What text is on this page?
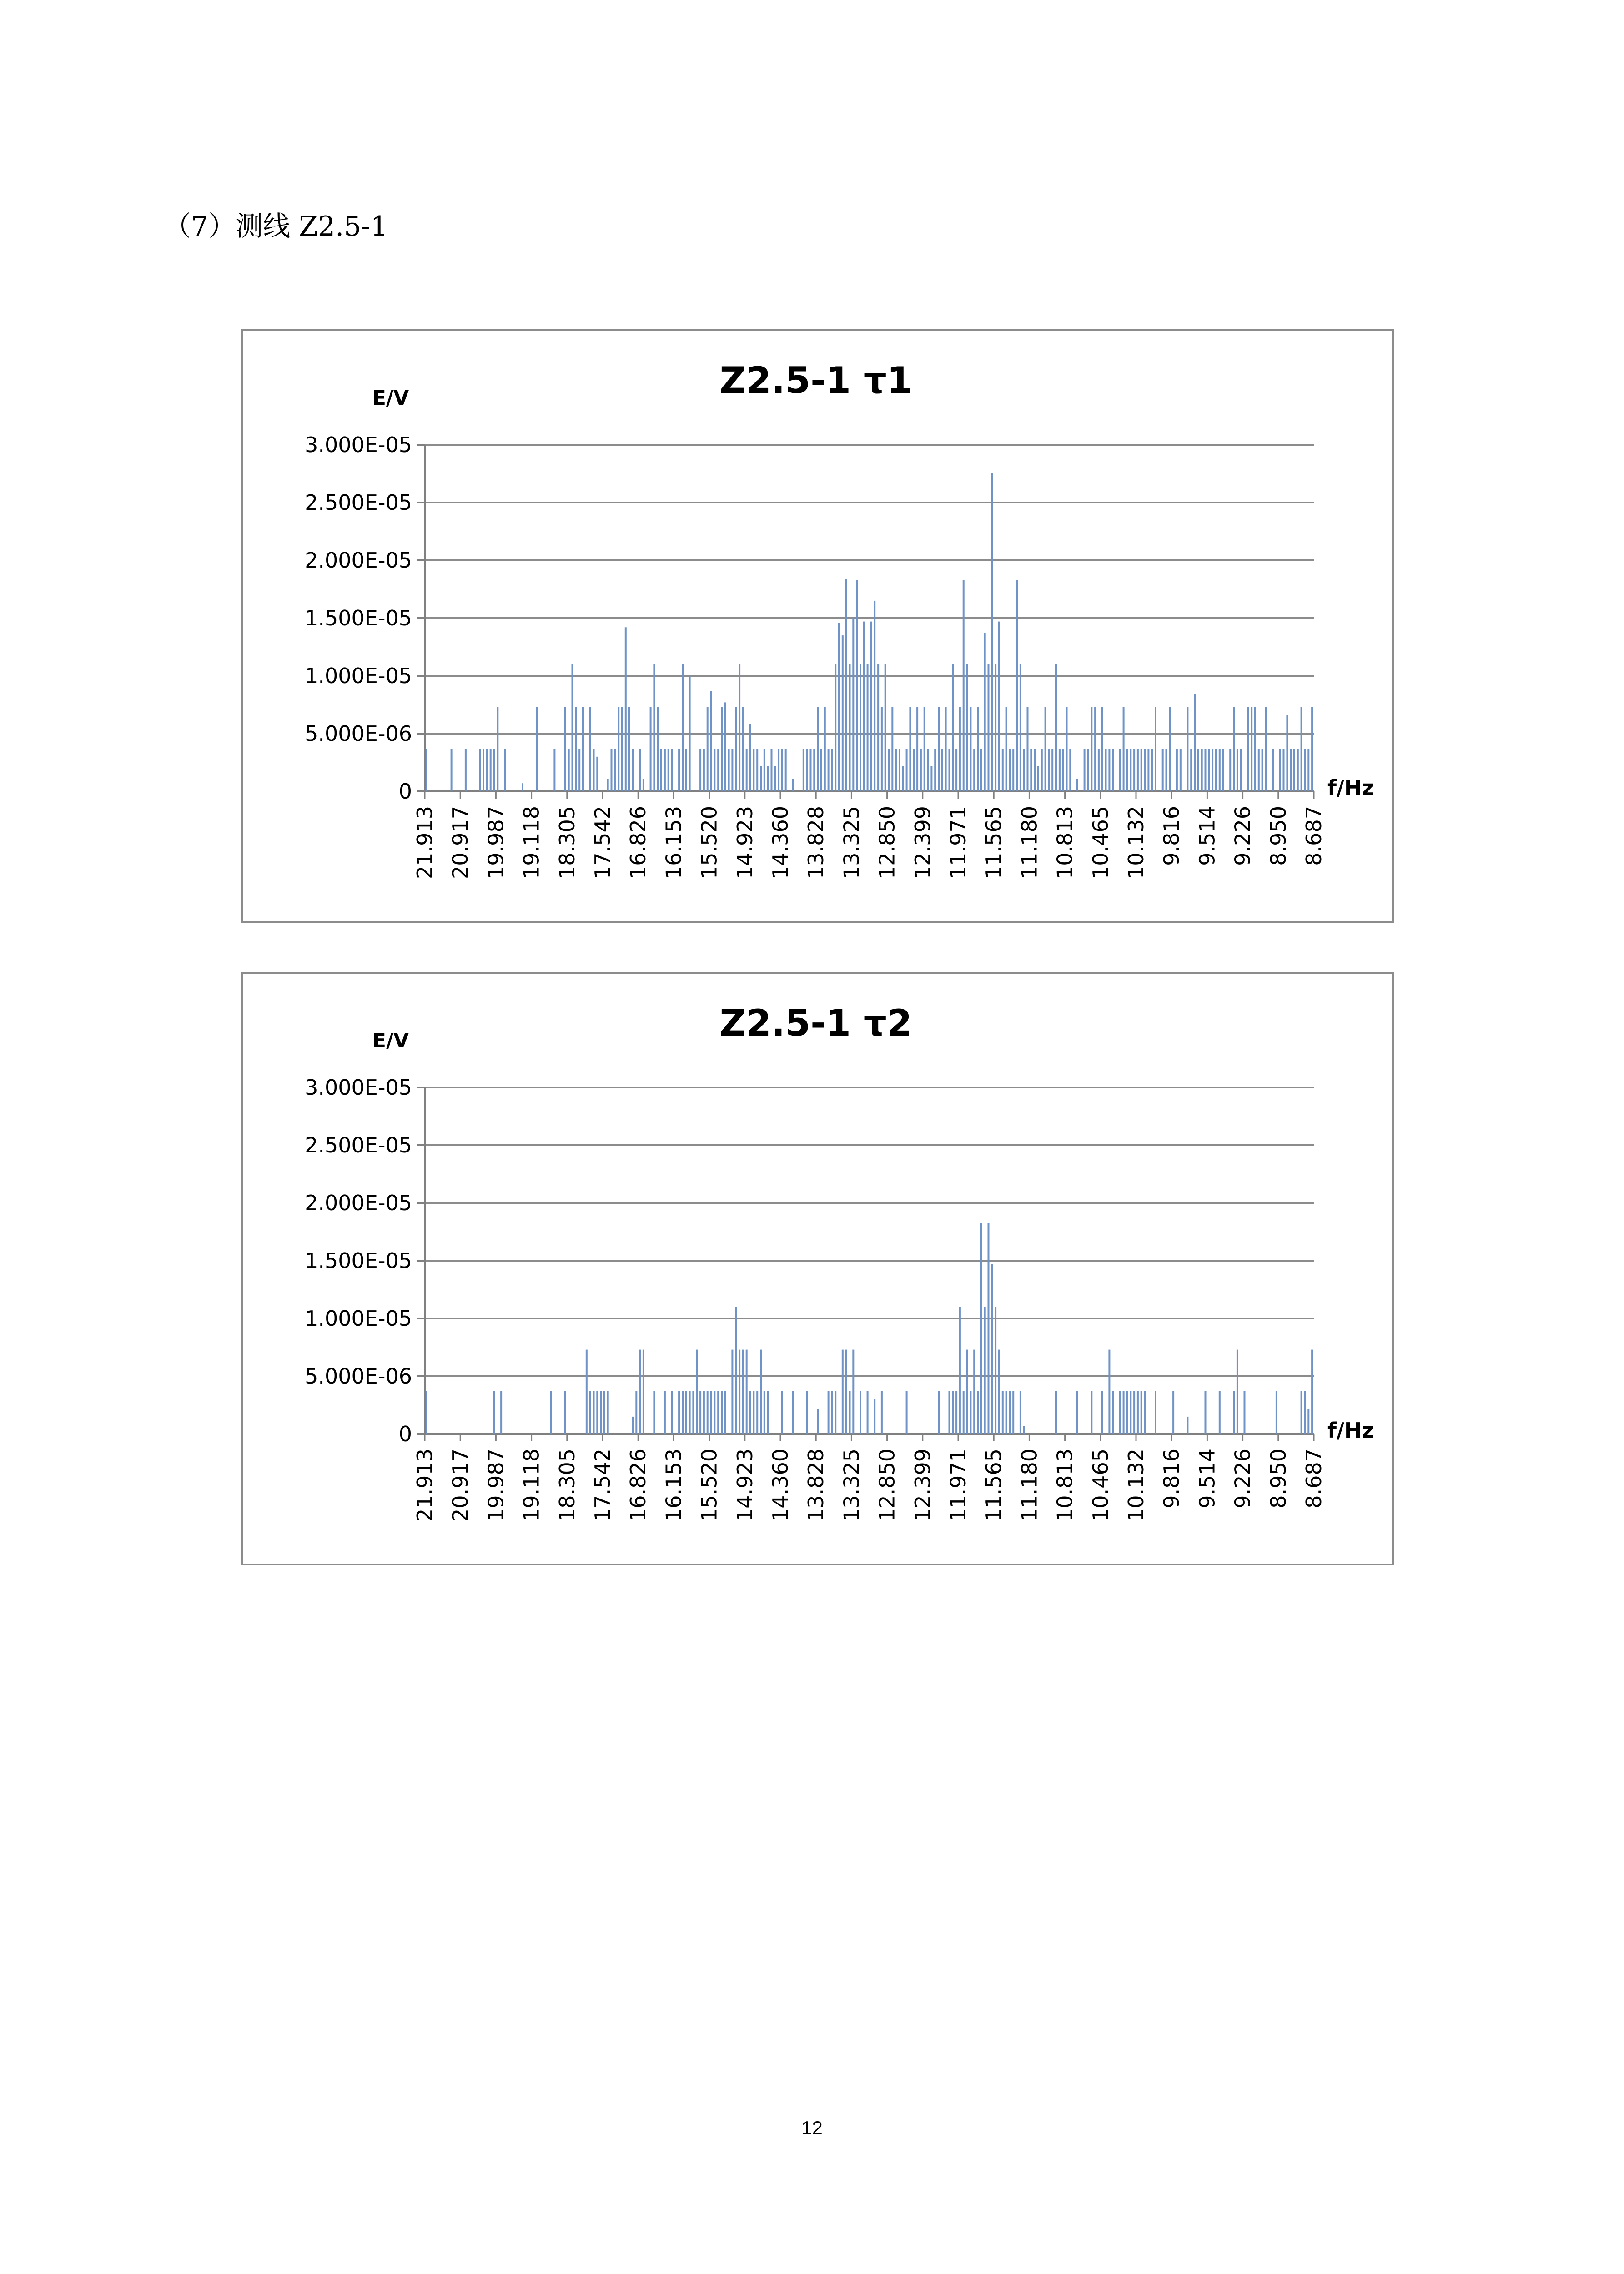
（7）测线 Z2.5-1
Z2.5-1 τ1
E/V
0
5.000E-06
1.000E-05
1.500E-05
2.000E-05
2.500E-05
3.000E-05
21.913 20.917 19.987 19.118 18.305 17.542 16.826 16.153 15.520 14.923 14.360 13.828 13.325 12.850 12.399 11.971 11.565 11.180 10.813 10.465 10.132 9.816 9.514 9.226 8.950 8.687
f/Hz
Z2.5-1 τ2
E/V
0
5.000E-06
1.000E-05
1.500E-05
2.000E-05
2.500E-05
3.000E-05
21.913 20.917 19.987 19.118 18.305 17.542 16.826 16.153 15.520 14.923 14.360 13.828 13.325 12.850 12.399 11.971 11.565 11.180 10.813 10.465 10.132 9.816 9.514 9.226 8.950 8.687
f/Hz
12
